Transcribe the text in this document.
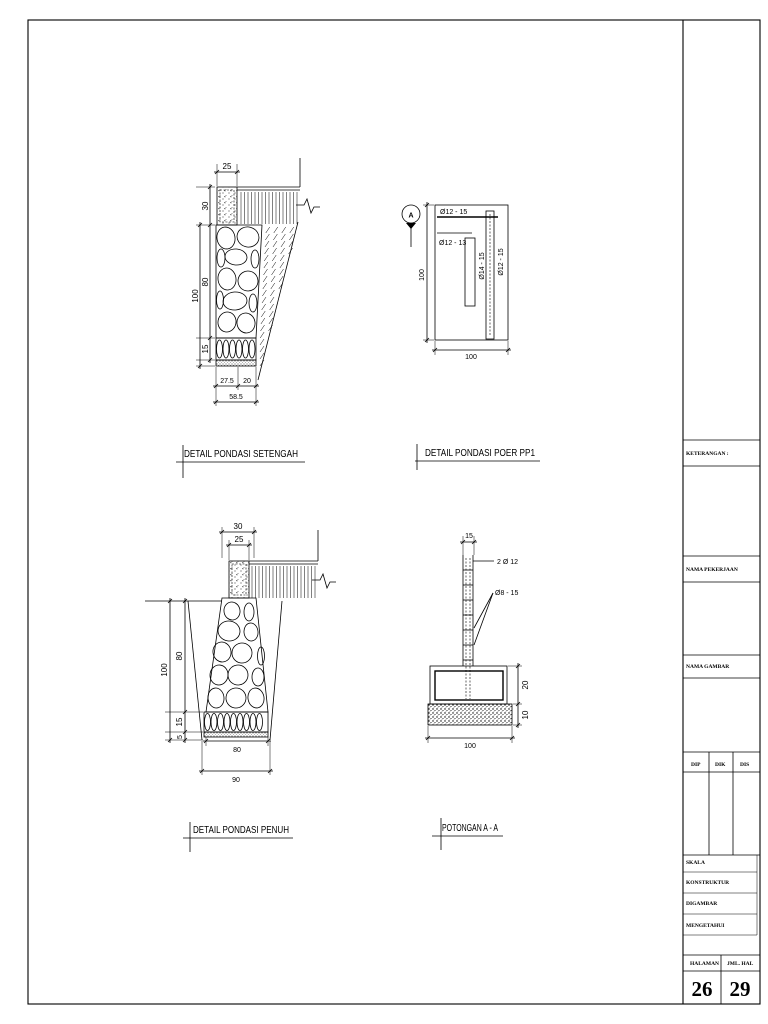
KETERANGAN :
NAMA PEKERJAAN
NAMA GAMBAR
DIP	DIK	DIS
SKALA
KONSTRUKTUR
DIGAMBAR
MENGETAHUI
HALAMAN JML. HAL
26 29
25
30
80
100
15
27.5 20
58.5
DETAIL PONDASI SETENGAH
Ø12 - 15
Ø12 - 13
Ø14 - 15 Ø12 - 15
A
100
100
DETAIL PONDASI POER PP1
30
25
100
80
15
5
80
90
DETAIL PONDASI PENUH
2 Ø 12
Ø8 - 15
15
20
10
100
POTONGAN A - A
